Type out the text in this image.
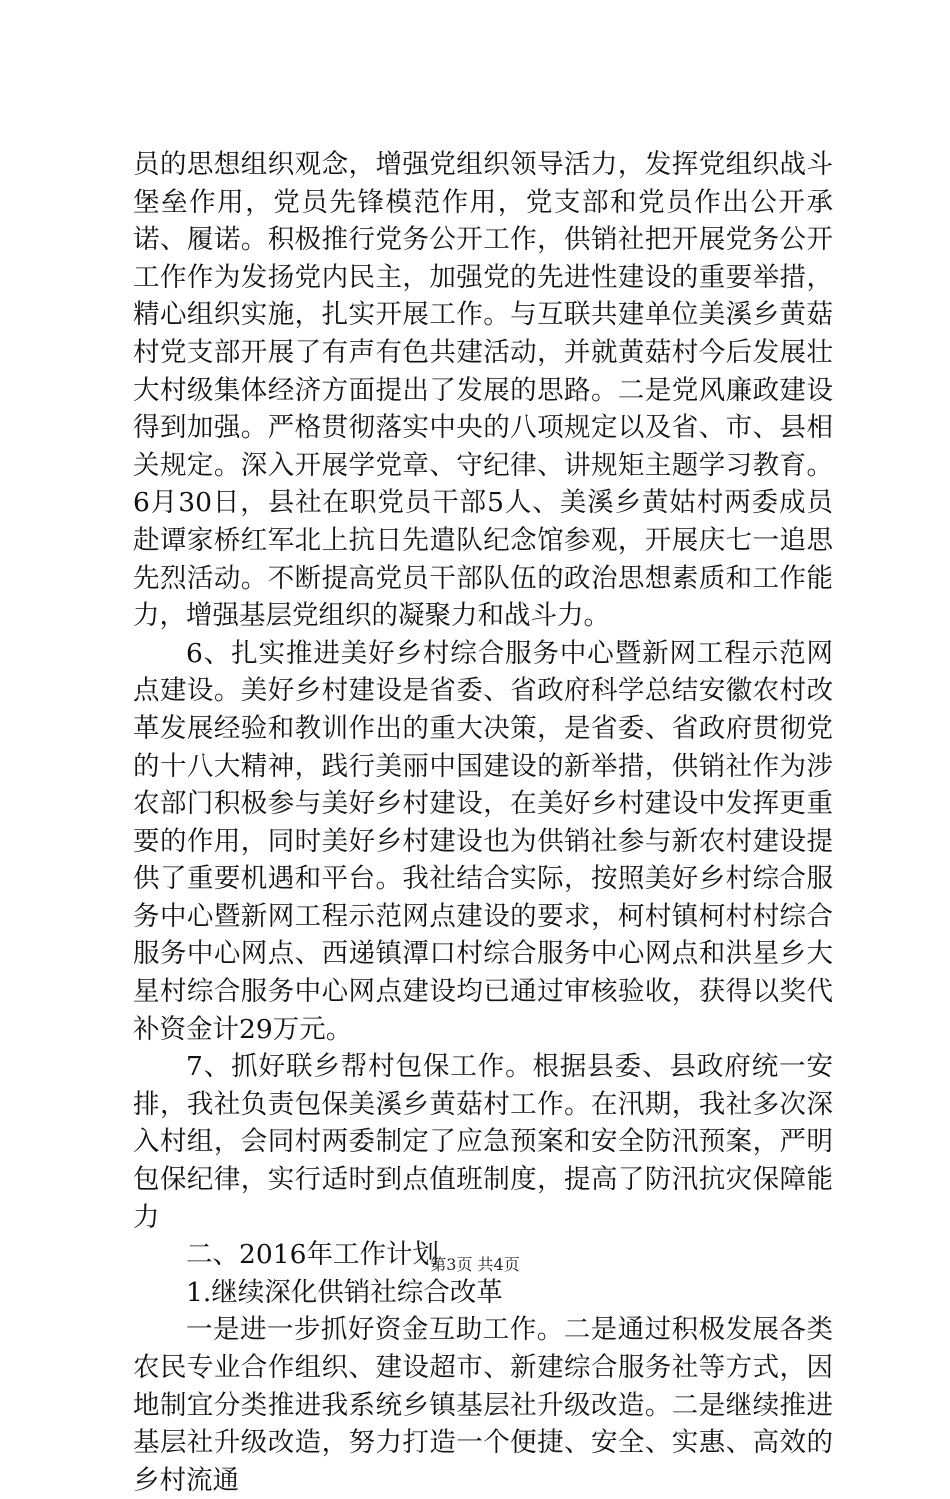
员的思想组织观念，增强党组织领导活力，发挥党组织战斗堡垒作用，党员先锋模范作用，党支部和党员作出公开承诺、履诺。积极推行党务公开工作，供销社把开展党务公开工作作为发扬党内民主，加强党的先进性建设的重要举措，精心组织实施，扎实开展工作。与互联共建单位美溪乡黄菇村党支部开展了有声有色共建活动，并就黄菇村今后发展壮大村级集体经济方面提出了发展的思路。二是党风廉政建设得到加强。严格贯彻落实中央的八项规定以及省、市、县相关规定。深入开展学党章、守纪律、讲规矩主题学习教育。6月30日，县社在职党员干部5人、美溪乡黄姑村两委成员赴谭家桥红军北上抗日先遣队纪念馆参观，开展庆七一追思先烈活动。不断提高党员干部队伍的政治思想素质和工作能力，增强基层党组织的凝聚力和战斗力。

6、扎实推进美好乡村综合服务中心暨新网工程示范网点建设。美好乡村建设是省委、省政府科学总结安徽农村改革发展经验和教训作出的重大决策，是省委、省政府贯彻党的十八大精神，践行美丽中国建设的新举措，供销社作为涉农部门积极参与美好乡村建设，在美好乡村建设中发挥更重要的作用，同时美好乡村建设也为供销社参与新农村建设提供了重要机遇和平台。我社结合实际，按照美好乡村综合服务中心暨新网工程示范网点建设的要求，柯村镇柯村村综合服务中心网点、西递镇潭口村综合服务中心网点和洪星乡大星村综合服务中心网点建设均已通过审核验收，获得以奖代补资金计29万元。

7、抓好联乡帮村包保工作。根据县委、县政府统一安排，我社负责包保美溪乡黄菇村工作。在汛期，我社多次深入村组，会同村两委制定了应急预案和安全防汛预案，严明包保纪律，实行适时到点值班制度，提高了防汛抗灾保障能力

二、2016年工作计划

1.继续深化供销社综合改革

一是进一步抓好资金互助工作。二是通过积极发展各类农民专业合作组织、建设超市、新建综合服务社等方式，因地制宜分类推进我系统乡镇基层社升级改造。二是继续推进基层社升级改造，努力打造一个便捷、安全、实惠、高效的乡村流通

第3页 共4页
